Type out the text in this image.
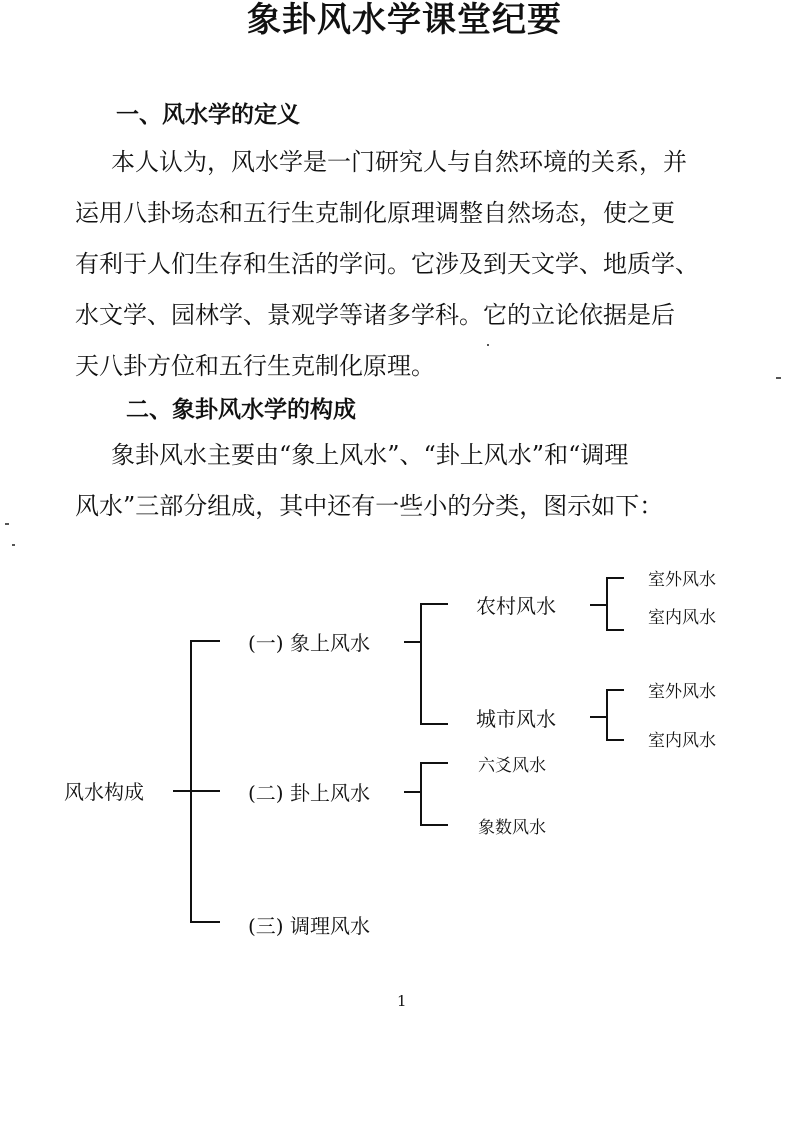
象卦风水学课堂纪要
一、风水学的定义
本人认为，风水学是一门研究人与自然环境的关系，并
运用八卦场态和五行生克制化原理调整自然场态，使之更
有利于人们生存和生活的学问。它涉及到天文学、地质学、
水文学、园林学、景观学等诸多学科。它的立论依据是后
天八卦方位和五行生克制化原理。
二、象卦风水学的构成
象卦风水主要由“象上风水”、“卦上风水”和“调理
风水”三部分组成，其中还有一些小的分类，图示如下：
风水构成
(一) 象上风水
农村风水
室外风水
室内风水
城市风水
室外风水
室内风水
(二) 卦上风水
六爻风水
象数风水
(三) 调理风水
1
